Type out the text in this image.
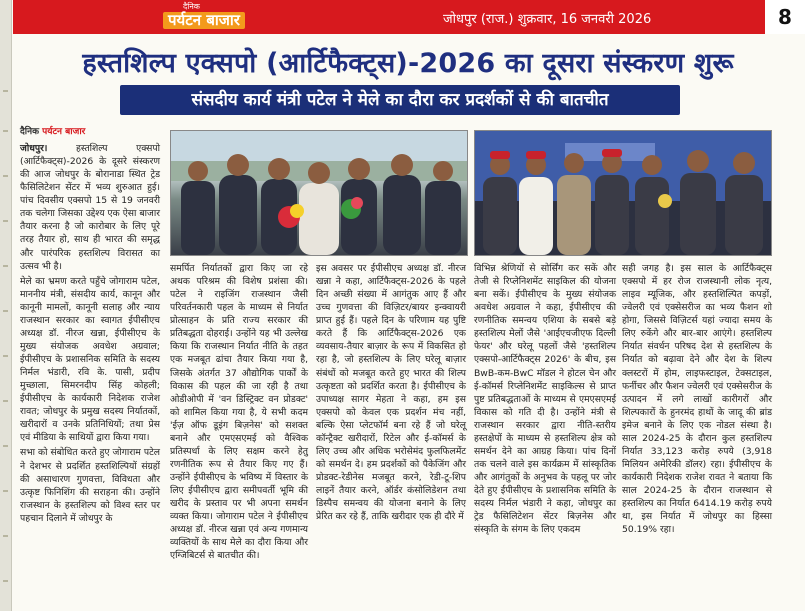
दैनिक
पर्यटन बाजार	जोधपुर (राज.) शुक्रवार, 16 जनवरी 2026	8
हस्तशिल्प एक्सपो (आर्टिफैक्ट्स)-2026 का दूसरा संस्करण शुरू
संसदीय कार्य मंत्री पटेल ने मेले का दौरा कर प्रदर्शकों से की बातचीत
दैनिक पर्यटन बाजार

जोधपुर। हस्तशिल्प एक्सपो (आर्टिफैक्ट्स)-2026 के दूसरे संस्करण की आज जोधपुर के बोरानाडा स्थित ट्रेड फैसिलिटेशन सेंटर में भव्य शुरुआत हुई। पांच दिवसीय एक्सपो 15 से 19 जनवरी तक चलेगा जिसका उद्देश्य एक ऐसा बाजार तैयार करना है जो कारोबार के लिए पूरे तरह तैयार हो, साथ ही भारत की समृद्ध और पारंपरिक हस्तशिल्प विरासत का उत्सव भी है।

मेले का भ्रमण करते पहुँचे जोगाराम पटेल, माननीय मंत्री, संसदीय कार्य, कानून और कानूनी मामलों, कानूनी सलाह और न्याय राजस्थान सरकार का स्वागत ईपीसीएच अध्यक्ष डॉ. नीरज खन्ना, ईपीसीएच के मुख्य संयोजक अवधेश अग्रवाल; ईपीसीएच के प्रशासनिक समिति के सदस्य निर्मल भंडारी, रवि के. पासी, प्रदीप मुच्छाला, सिमरनदीप सिंह कोहली; ईपीसीएच के कार्यकारी निदेशक राजेश रावत; जोधपुर के प्रमुख सदस्य निर्यातकों, खरीदारों व उनके प्रतिनिधियों; तथा प्रेस एवं मीडिया के साथियों द्वारा किया गया।

सभा को संबोधित करते हुए जोगाराम पटेल ने देशभर से प्रदर्शित हस्तशिल्पियों संग्रहों की असाधारण गुणवत्ता, विविधता और उत्कृष्ट फिनिशिंग की सराहना की। उन्होंने राजस्थान के हस्तशिल्प को विश्व स्तर पर पहचान दिलाने में जोधपुर के

समर्पित निर्यातकों द्वारा किए जा रहे अथक परिश्रम की विशेष प्रशंसा की। पटेल ने राइजिंग राजस्थान जैसी परिवर्तनकारी पहल के माध्यम से निर्यात प्रोत्साहन के प्रति राज्य सरकार की प्रतिबद्धता दोहराई। उन्होंने यह भी उल्लेख किया कि राजस्थान निर्यात नीति के तहत एक मजबूत ढांचा तैयार किया गया है, जिसके अंतर्गत 37 औद्योगिक पार्कों के विकास की पहल की जा रही है तथा ओडीओपी में 'वन डिस्ट्रिक्ट वन प्रोडक्ट' को शामिल किया गया है, ये सभी कदम 'ईज़ ऑफ डूइंग बिज़नेस' को सशक्त बनाने और एमएसएमई को वैश्विक प्रतिस्पर्धा के लिए सक्षम करने हेतु रणनीतिक रूप से तैयार किए गए हैं। उन्होंने ईपीसीएच के भविष्य में विस्तार के लिए ईपीसीएच द्वारा समीपवर्ती भूमि की खरीद के प्रस्ताव पर भी अपना समर्थन व्यक्त किया। जोगाराम पटेल ने ईपीसीएच अध्यक्ष डॉ. नीरज खन्ना एवं अन्य गणमान्य व्यक्तियों के साथ मेले का दौरा किया और एग्जिबिटर्स से बातचीत की।

इस अवसर पर ईपीसीएच अध्यक्ष डॉ. नीरज खन्ना ने कहा, आर्टिफैक्ट्स-2026 के पहले दिन अच्छी संख्या में आगंतुक आए हैं और उच्च गुणवत्ता की विज़िटर/बायर इन्क्वायरी प्राप्त हुई हैं। पहले दिन के परिणाम यह पुष्टि करते हैं कि आर्टिफैक्ट्स-2026 एक व्यवसाय-तैयार बाज़ार के रूप में विकसित हो रहा है, जो हस्तशिल्प के लिए घरेलू बाज़ार संबंधों को मजबूत करते हुए भारत की शिल्प उत्कृष्टता को प्रदर्शित करता है। ईपीसीएच के उपाध्यक्ष सागर मेहता ने कहा, हम इस एक्सपो को केवल एक प्रदर्शन मंच नहीं, बल्कि ऐसा प्लेटफॉर्म बना रहे हैं जो घरेलू कॉन्ट्रैक्ट खरीदारों, रिटेल और ई-कॉमर्स के लिए उच्च और अधिक भरोसेमंद फुलफिलमेंट को समर्थन दे। हम प्रदर्शकों को पैकेजिंग और प्रोडक्ट-रेडीनेस मजबूत करने, रेडी-टू-शिप लाइनें तैयार करने, ऑर्डर कंसोलिडेशन तथा डिस्पैच समन्वय की योजना बनाने के लिए प्रेरित कर रहे हैं, ताकि खरीदार एक ही दौरे में

विभिन्न श्रेणियों से सोर्सिंग कर सकें और तेजी से रिप्लेनिशमेंट साइकिल की योजना बना सकें। ईपीसीएच के मुख्य संयोजक अवधेश अग्रवाल ने कहा, ईपीसीएच की रणनीतिक समन्वय एशिया के सबसे बड़े हस्तशिल्प मेलों जैसे 'आईएचजीएफ दिल्ली फेयर' और घरेलू पहलों जैसे 'हस्तशिल्प एक्सपो-आर्टिफैक्ट्स 2026' के बीच, इस BwB-कम-BwC मॉडल ने होटल चेन और ई-कॉमर्स रिप्लेनिशमेंट साइकिल्स से प्राप्त पुष्ट प्रतिबद्धताओं के माध्यम से एमएसएमई विकास को गति दी है। उन्होंने मंत्री से राजस्थान सरकार द्वारा नीति-स्तरीय हस्तक्षेपों के माध्यम से हस्तशिल्प क्षेत्र को समर्थन देने का आग्रह किया। पांच दिनों तक चलने वाले इस कार्यक्रम में सांस्कृतिक और आगंतुकों के अनुभव के पहलू पर जोर देते हुए ईपीसीएच के प्रशासनिक समिति के सदस्य निर्मल भंडारी ने कहा, जोधपुर का ट्रेड फैसिलिटेशन सेंटर बिज़नेस और संस्कृति के संगम के लिए एकदम

सही जगह है। इस साल के आर्टिफैक्ट्स एक्सपो में हर रोज राजस्थानी लोक नृत्य, लाइव म्यूजिक, और हस्तशिल्पित कपड़ों, ज्वेलरी एवं एक्सेसरीज का भव्य फैशन शो होगा, जिससे विज़िटर्स यहां ज्यादा समय के लिए रुकेंगे और बार-बार आएंगे। हस्तशिल्प निर्यात संवर्धन परिषद देश से हस्तशिल्प के निर्यात को बढ़ावा देने और देश के शिल्प क्लस्टरों में होम, लाइफस्टाइल, टेक्सटाइल, फर्नीचर और फैशन ज्वेलरी एवं एक्सेसरीज के उत्पादन में लगे लाखों कारीगरों और शिल्पकारों के हुनरमंद हाथों के जादू की ब्रांड इमेज बनाने के लिए एक नोडल संस्था है। साल 2024-25 के दौरान कुल हस्तशिल्प निर्यात 33,123 करोड़ रुपये (3,918 मिलियन अमेरिकी डॉलर) रहा। ईपीसीएच के कार्यकारी निदेशक राजेश रावत ने बताया कि साल 2024-25 के दौरान राजस्थान से हस्तशिल्प का निर्यात 6414.19 करोड़ रुपये था, इस निर्यात में जोधपुर का हिस्सा 50.19% रहा।
